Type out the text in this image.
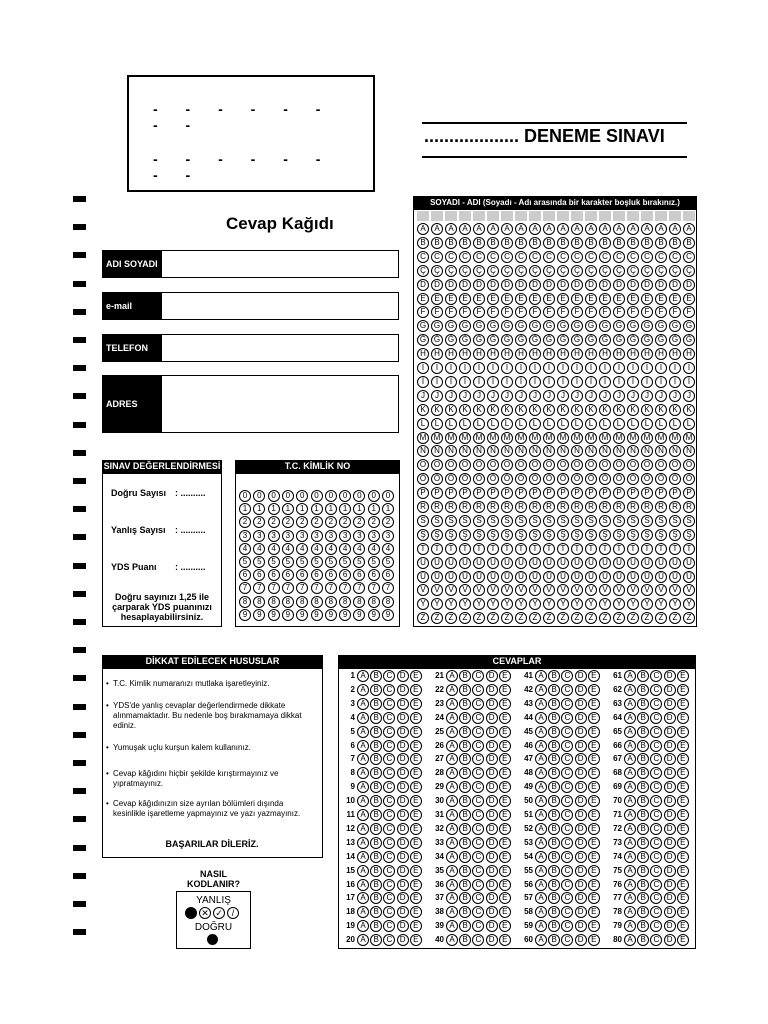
- - - - - - - -
- - - - - - - -
................... DENEME SINAVI
Cevap Kağıdı
ADI SOYADI
e-mail
TELEFON
ADRES
SINAV DEĞERLENDİRMESİ
Doğru Sayısı : ..........
Yanlış Sayısı : ..........
YDS Puanı : ..........
Doğru sayınızı 1,25 ile çarparak YDS puanınızı hesaplayabilirsiniz.
T.C. KİMLİK NO
0
1
2
3
4
5
6
7
8
9
0
1
2
3
4
5
6
7
8
9
0
1
2
3
4
5
6
7
8
9
0
1
2
3
4
5
6
7
8
9
0
1
2
3
4
5
6
7
8
9
0
1
2
3
4
5
6
7
8
9
0
1
2
3
4
5
6
7
8
9
0
1
2
3
4
5
6
7
8
9
0
1
2
3
4
5
6
7
8
9
0
1
2
3
4
5
6
7
8
9
0
1
2
3
4
5
6
7
8
9
SOYADI - ADI (Soyadı - Adı arasında bir karakter boşluk bırakınız.)
A
B
C
Ç
D
E
F
G
Ğ
H
I
İ
J
K
L
M
N
O
Ö
P
R
S
Ş
T
U
Ü
V
Y
Z
A
B
C
Ç
D
E
F
G
Ğ
H
I
İ
J
K
L
M
N
O
Ö
P
R
S
Ş
T
U
Ü
V
Y
Z
A
B
C
Ç
D
E
F
G
Ğ
H
I
İ
J
K
L
M
N
O
Ö
P
R
S
Ş
T
U
Ü
V
Y
Z
A
B
C
Ç
D
E
F
G
Ğ
H
I
İ
J
K
L
M
N
O
Ö
P
R
S
Ş
T
U
Ü
V
Y
Z
A
B
C
Ç
D
E
F
G
Ğ
H
I
İ
J
K
L
M
N
O
Ö
P
R
S
Ş
T
U
Ü
V
Y
Z
A
B
C
Ç
D
E
F
G
Ğ
H
I
İ
J
K
L
M
N
O
Ö
P
R
S
Ş
T
U
Ü
V
Y
Z
A
B
C
Ç
D
E
F
G
Ğ
H
I
İ
J
K
L
M
N
O
Ö
P
R
S
Ş
T
U
Ü
V
Y
Z
A
B
C
Ç
D
E
F
G
Ğ
H
I
İ
J
K
L
M
N
O
Ö
P
R
S
Ş
T
U
Ü
V
Y
Z
A
B
C
Ç
D
E
F
G
Ğ
H
I
İ
J
K
L
M
N
O
Ö
P
R
S
Ş
T
U
Ü
V
Y
Z
A
B
C
Ç
D
E
F
G
Ğ
H
I
İ
J
K
L
M
N
O
Ö
P
R
S
Ş
T
U
Ü
V
Y
Z
A
B
C
Ç
D
E
F
G
Ğ
H
I
İ
J
K
L
M
N
O
Ö
P
R
S
Ş
T
U
Ü
V
Y
Z
A
B
C
Ç
D
E
F
G
Ğ
H
I
İ
J
K
L
M
N
O
Ö
P
R
S
Ş
T
U
Ü
V
Y
Z
A
B
C
Ç
D
E
F
G
Ğ
H
I
İ
J
K
L
M
N
O
Ö
P
R
S
Ş
T
U
Ü
V
Y
Z
A
B
C
Ç
D
E
F
G
Ğ
H
I
İ
J
K
L
M
N
O
Ö
P
R
S
Ş
T
U
Ü
V
Y
Z
A
B
C
Ç
D
E
F
G
Ğ
H
I
İ
J
K
L
M
N
O
Ö
P
R
S
Ş
T
U
Ü
V
Y
Z
A
B
C
Ç
D
E
F
G
Ğ
H
I
İ
J
K
L
M
N
O
Ö
P
R
S
Ş
T
U
Ü
V
Y
Z
A
B
C
Ç
D
E
F
G
Ğ
H
I
İ
J
K
L
M
N
O
Ö
P
R
S
Ş
T
U
Ü
V
Y
Z
A
B
C
Ç
D
E
F
G
Ğ
H
I
İ
J
K
L
M
N
O
Ö
P
R
S
Ş
T
U
Ü
V
Y
Z
A
B
C
Ç
D
E
F
G
Ğ
H
I
İ
J
K
L
M
N
O
Ö
P
R
S
Ş
T
U
Ü
V
Y
Z
A
B
C
Ç
D
E
F
G
Ğ
H
I
İ
J
K
L
M
N
O
Ö
P
R
S
Ş
T
U
Ü
V
Y
Z
DİKKAT EDİLECEK HUSUSLAR
• T.C. Kimlik numaranızı mutlaka işaretleyiniz.
• YDS'de yanlış cevaplar değerlendirmede dikkate alınmamaktadır. Bu nedenle boş bırakmamaya dikkat ediniz.
• Yumuşak uçlu kurşun kalem kullanınız.
• Cevap kâğıdını hiçbir şekilde kırıştırmayınız ve yıpratmayınız.
• Cevap kâğıdınızın size ayrılan bölümleri dışında kesinlikle işaretleme yapmayınız ve yazı yazmayınız.
BAŞARILAR DİLERİZ.
NASIL KODLANIR?
YANLIŞ
✕ ✓ /
DOĞRU
CEVAPLAR
1 A B C D E
2 A B C D E
3 A B C D E
4 A B C D E
5 A B C D E
6 A B C D E
7 A B C D E
8 A B C D E
9 A B C D E
10 A B C D E
11 A B C D E
12 A B C D E
13 A B C D E
14 A B C D E
15 A B C D E
16 A B C D E
17 A B C D E
18 A B C D E
19 A B C D E
20 A B C D E
21 A B C D E
22 A B C D E
23 A B C D E
24 A B C D E
25 A B C D E
26 A B C D E
27 A B C D E
28 A B C D E
29 A B C D E
30 A B C D E
31 A B C D E
32 A B C D E
33 A B C D E
34 A B C D E
35 A B C D E
36 A B C D E
37 A B C D E
38 A B C D E
39 A B C D E
40 A B C D E
41 A B C D E
42 A B C D E
43 A B C D E
44 A B C D E
45 A B C D E
46 A B C D E
47 A B C D E
48 A B C D E
49 A B C D E
50 A B C D E
51 A B C D E
52 A B C D E
53 A B C D E
54 A B C D E
55 A B C D E
56 A B C D E
57 A B C D E
58 A B C D E
59 A B C D E
60 A B C D E
61 A B C D E
62 A B C D E
63 A B C D E
64 A B C D E
65 A B C D E
66 A B C D E
67 A B C D E
68 A B C D E
69 A B C D E
70 A B C D E
71 A B C D E
72 A B C D E
73 A B C D E
74 A B C D E
75 A B C D E
76 A B C D E
77 A B C D E
78 A B C D E
79 A B C D E
80 A B C D E
